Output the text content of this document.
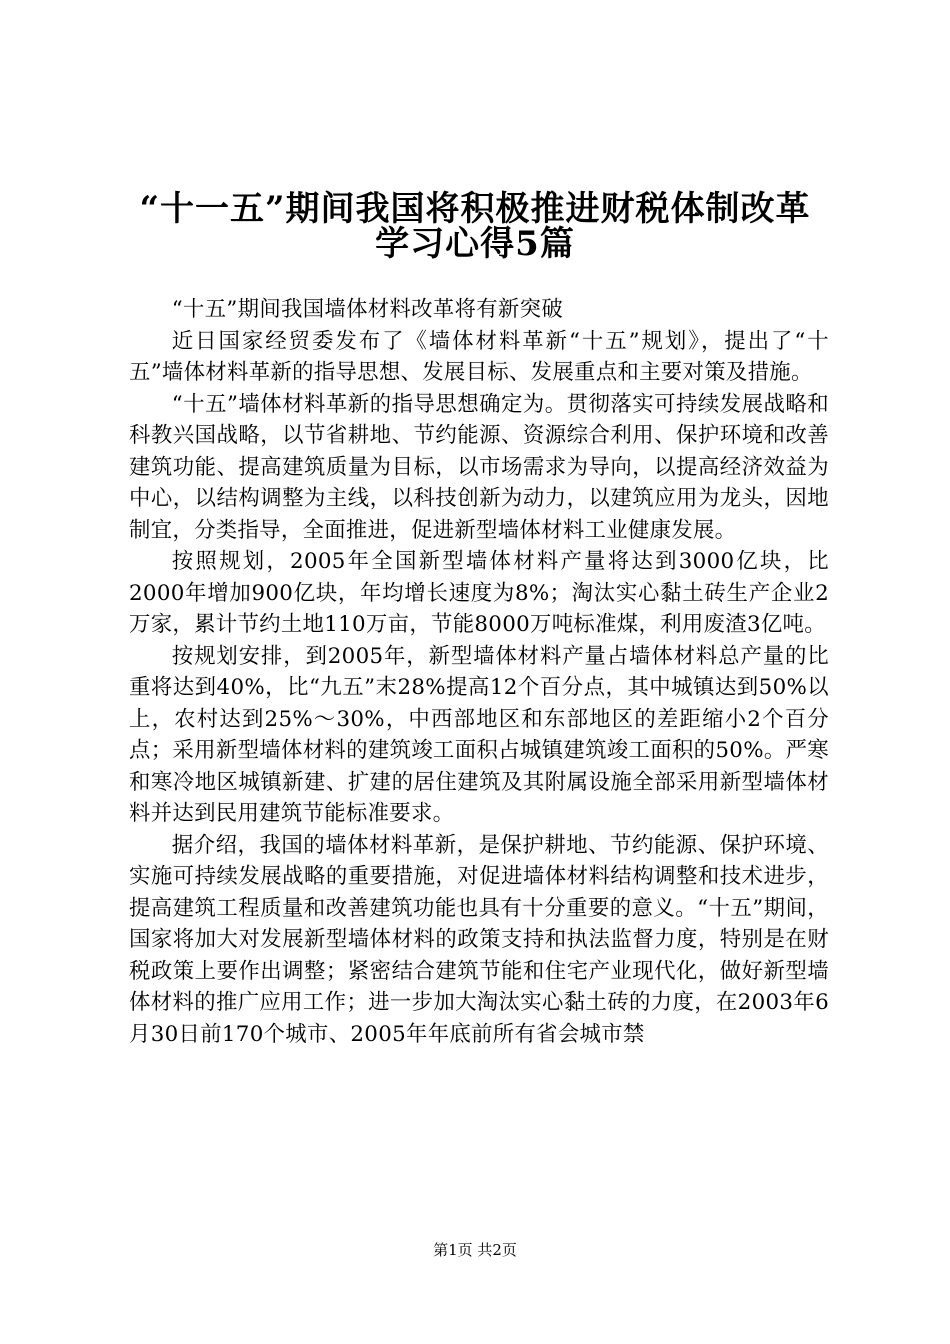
“十一五”期间我国将积极推进财税体制改革
学习心得5篇

“十五”期间我国墙体材料改革将有新突破

近日国家经贸委发布了《墙体材料革新“十五”规划》，提出了“十五”墙体材料革新的指导思想、发展目标、发展重点和主要对策及措施。

“十五”墙体材料革新的指导思想确定为。贯彻落实可持续发展战略和科教兴国战略，以节省耕地、节约能源、资源综合利用、保护环境和改善建筑功能、提高建筑质量为目标，以市场需求为导向，以提高经济效益为中心，以结构调整为主线，以科技创新为动力，以建筑应用为龙头，因地制宜，分类指导，全面推进，促进新型墙体材料工业健康发展。

按照规划，2005年全国新型墙体材料产量将达到3000亿块，比2000年增加900亿块，年均增长速度为8%；淘汰实心黏土砖生产企业2万家，累计节约土地110万亩，节能8000万吨标准煤，利用废渣3亿吨。

按规划安排，到2005年，新型墙体材料产量占墙体材料总产量的比重将达到40%，比“九五”末28%提高12个百分点，其中城镇达到50%以上，农村达到25%～30%，中西部地区和东部地区的差距缩小2个百分点；采用新型墙体材料的建筑竣工面积占城镇建筑竣工面积的50%。严寒和寒冷地区城镇新建、扩建的居住建筑及其附属设施全部采用新型墙体材料并达到民用建筑节能标准要求。

据介绍，我国的墙体材料革新，是保护耕地、节约能源、保护环境、实施可持续发展战略的重要措施，对促进墙体材料结构调整和技术进步，提高建筑工程质量和改善建筑功能也具有十分重要的意义。“十五”期间，国家将加大对发展新型墙体材料的政策支持和执法监督力度，特别是在财税政策上要作出调整；紧密结合建筑节能和住宅产业现代化，做好新型墙体材料的推广应用工作；进一步加大淘汰实心黏土砖的力度，在2003年6月30日前170个城市、2005年年底前所有省会城市禁

第1页 共2页
